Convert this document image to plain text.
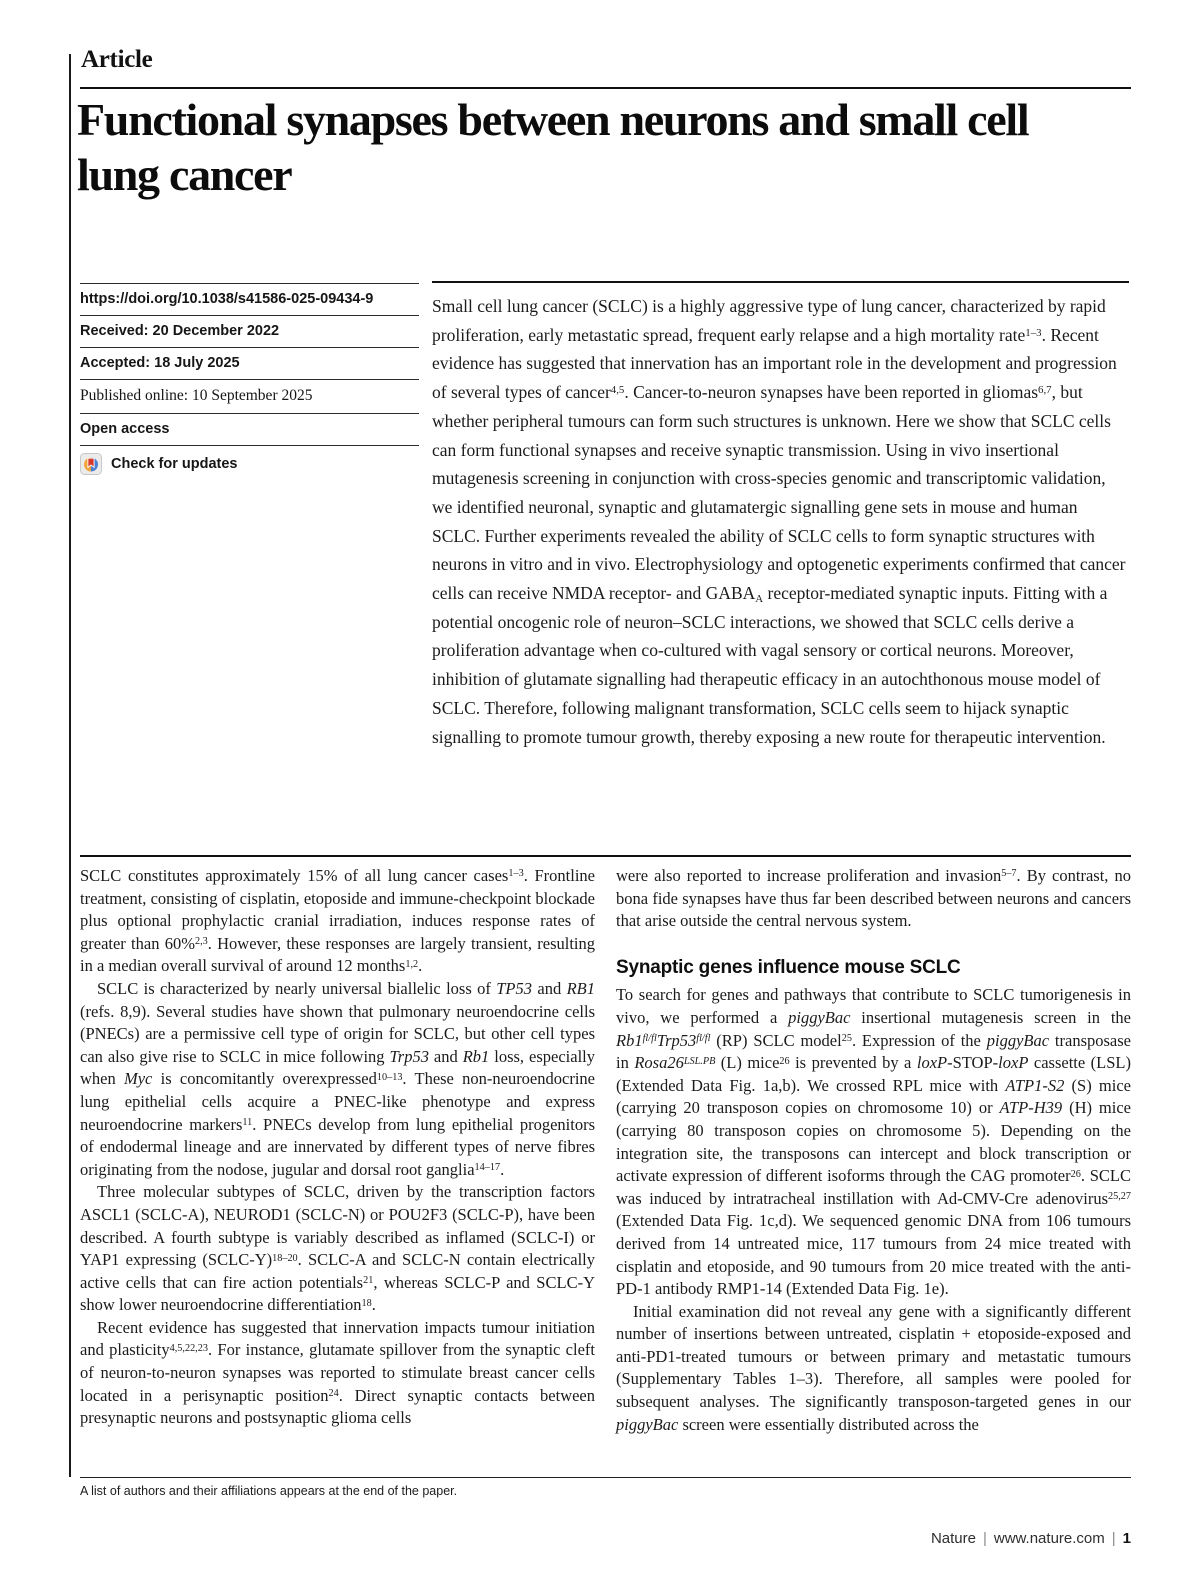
Article
Functional synapses between neurons and small cell lung cancer
https://doi.org/10.1038/s41586-025-09434-9
Received: 20 December 2022
Accepted: 18 July 2025
Published online: 10 September 2025
Open access
Check for updates
Small cell lung cancer (SCLC) is a highly aggressive type of lung cancer, characterized by rapid proliferation, early metastatic spread, frequent early relapse and a high mortality rate$^{1-3}$. Recent evidence has suggested that innervation has an important role in the development and progression of several types of cancer$^{4,5}$. Cancer-to-neuron synapses have been reported in gliomas$^{6,7}$, but whether peripheral tumours can form such structures is unknown. Here we show that SCLC cells can form functional synapses and receive synaptic transmission. Using in vivo insertional mutagenesis screening in conjunction with cross-species genomic and transcriptomic validation, we identified neuronal, synaptic and glutamatergic signalling gene sets in mouse and human SCLC. Further experiments revealed the ability of SCLC cells to form synaptic structures with neurons in vitro and in vivo. Electrophysiology and optogenetic experiments confirmed that cancer cells can receive NMDA receptor- and $GABA_A$ receptor-mediated synaptic inputs. Fitting with a potential oncogenic role of neuron–SCLC interactions, we showed that SCLC cells derive a proliferation advantage when co-cultured with vagal sensory or cortical neurons. Moreover, inhibition of glutamate signalling had therapeutic efficacy in an autochthonous mouse model of SCLC. Therefore, following malignant transformation, SCLC cells seem to hijack synaptic signalling to promote tumour growth, thereby exposing a new route for therapeutic intervention.

SCLC constitutes approximately 15% of all lung cancer cases$^{1-3}$. Frontline treatment, consisting of cisplatin, etoposide and immune-checkpoint blockade plus optional prophylactic cranial irradiation, induces response rates of greater than 60%$^{2,3}$. However, these responses are largely transient, resulting in a median overall survival of around 12 months$^{1,2}$.

SCLC is characterized by nearly universal biallelic loss of TP53 and RB1 (refs. 8,9). Several studies have shown that pulmonary neuroendocrine cells (PNECs) are a permissive cell type of origin for SCLC, but other cell types can also give rise to SCLC in mice following Trp53 and Rb1 loss, especially when Myc is concomitantly overexpressed$^{10-13}$. These non-neuroendocrine lung epithelial cells acquire a PNEC-like phenotype and express neuroendocrine markers$^{11}$. PNECs develop from lung epithelial progenitors of endodermal lineage and are innervated by different types of nerve fibres originating from the nodose, jugular and dorsal root ganglia$^{14-17}$.

Three molecular subtypes of SCLC, driven by the transcription factors ASCL1 (SCLC-A), NEUROD1 (SCLC-N) or POU2F3 (SCLC-P), have been described. A fourth subtype is variably described as inflamed (SCLC-I) or YAP1 expressing (SCLC-Y)$^{18-20}$. SCLC-A and SCLC-N contain electrically active cells that can fire action potentials$^{21}$, whereas SCLC-P and SCLC-Y show lower neuroendocrine differentiation$^{18}$.

Recent evidence has suggested that innervation impacts tumour initiation and plasticity$^{4,5,22,23}$. For instance, glutamate spillover from the synaptic cleft of neuron-to-neuron synapses was reported to stimulate breast cancer cells located in a perisynaptic position$^{24}$. Direct synaptic contacts between presynaptic neurons and postsynaptic glioma cells

were also reported to increase proliferation and invasion$^{5-7}$. By contrast, no bona fide synapses have thus far been described between neurons and cancers that arise outside the central nervous system.

Synaptic genes influence mouse SCLC

To search for genes and pathways that contribute to SCLC tumorigenesis in vivo, we performed a piggyBac insertional mutagenesis screen in the $Rb1^{fl/fl}Trp53^{fl/fl}$ (RP) SCLC model$^{25}$. Expression of the piggyBac transposase in $Rosa26^{LSL.PB}$ (L) mice$^{26}$ is prevented by a loxP-STOP-loxP cassette (LSL) (Extended Data Fig. 1a,b). We crossed RPL mice with ATP1-S2 (S) mice (carrying 20 transposon copies on chromosome 10) or ATP-H39 (H) mice (carrying 80 transposon copies on chromosome 5). Depending on the integration site, the transposons can intercept and block transcription or activate expression of different isoforms through the CAG promoter$^{26}$. SCLC was induced by intratracheal instillation with Ad-CMV-Cre adenovirus$^{25,27}$ (Extended Data Fig. 1c,d). We sequenced genomic DNA from 106 tumours derived from 14 untreated mice, 117 tumours from 24 mice treated with cisplatin and etoposide, and 90 tumours from 20 mice treated with the anti-PD-1 antibody RMP1-14 (Extended Data Fig. 1e).

Initial examination did not reveal any gene with a significantly different number of insertions between untreated, cisplatin + etoposide-exposed and anti-PD1-treated tumours or between primary and metastatic tumours (Supplementary Tables 1–3). Therefore, all samples were pooled for subsequent analyses. The significantly transposon-targeted genes in our piggyBac screen were essentially distributed across the

A list of authors and their affiliations appears at the end of the paper.
Nature | www.nature.com | 1
